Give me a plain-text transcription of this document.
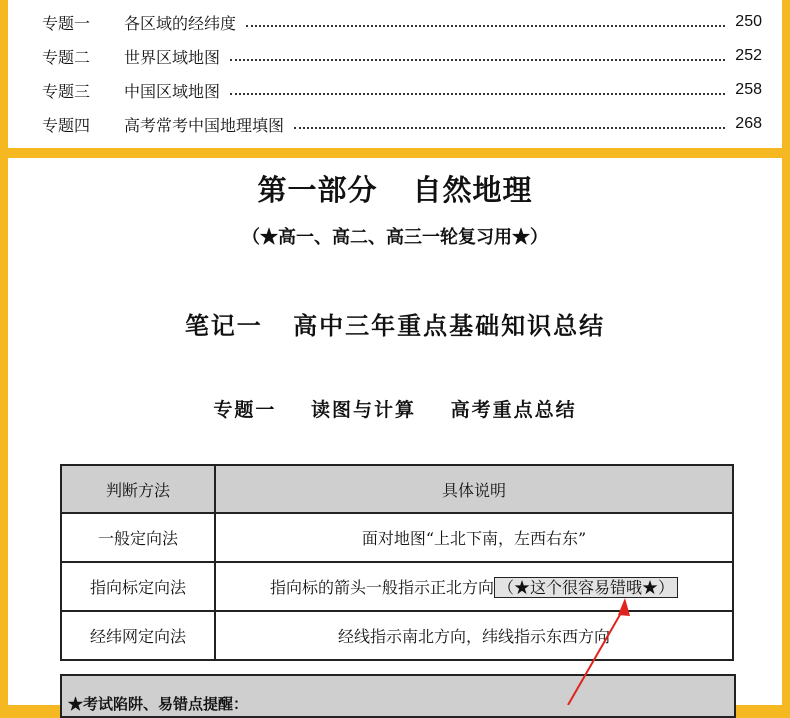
专题一	各区域的经纬度	250
专题二	世界区域地图	252
专题三	中国区域地图	258
专题四	高考常考中国地理填图	268
第一部分 自然地理
（★高一、高二、高三一轮复习用★）
笔记一 高中三年重点基础知识总结
专题一 读图与计算 高考重点总结
判断方法	具体说明
一般定向法	面对地图“上北下南，左西右东”
指向标定向法	指向标的箭头一般指示正北方向 （★这个很容易错哦★）
经纬网定向法	经线指示南北方向，纬线指示东西方向
★考试陷阱、易错点提醒：
